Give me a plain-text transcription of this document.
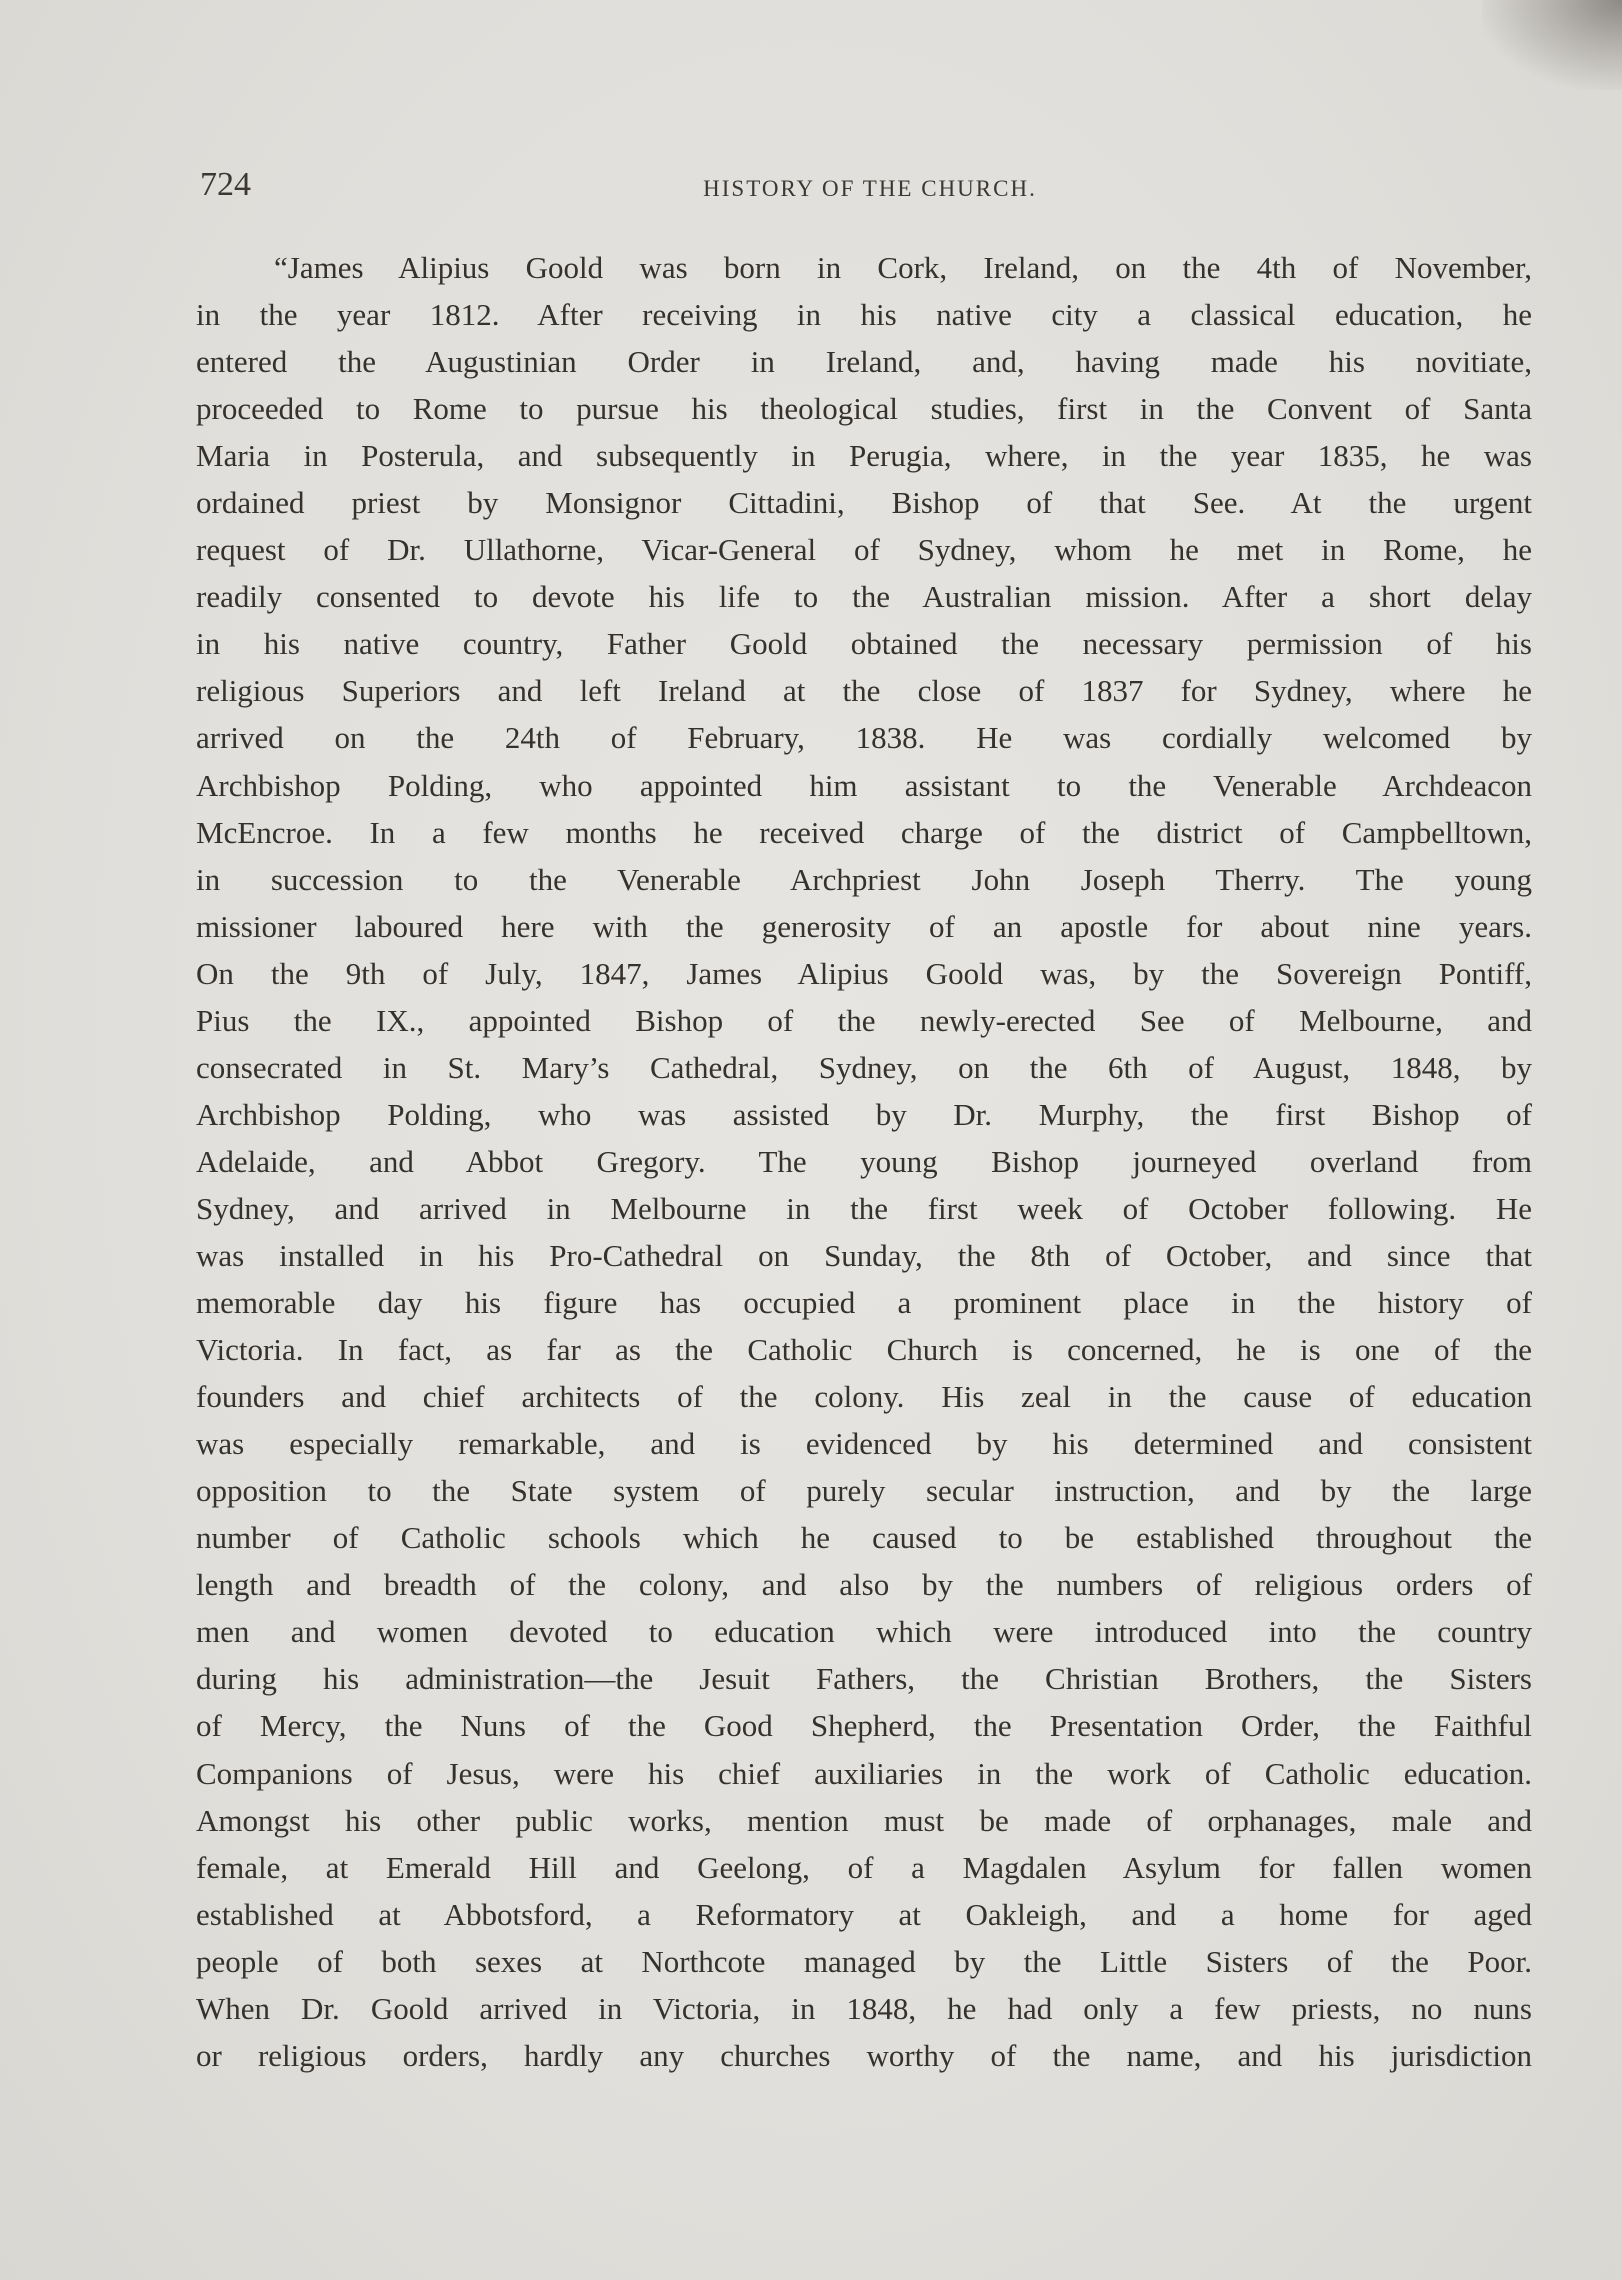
724	HISTORY OF THE CHURCH.
“James Alipius Goold was born in Cork, Ireland, on the 4th of November,
in the year 1812. After receiving in his native city a classical education, he
entered the Augustinian Order in Ireland, and, having made his novitiate,
proceeded to Rome to pursue his theological studies, first in the Convent of Santa
Maria in Posterula, and subsequently in Perugia, where, in the year 1835, he was
ordained priest by Monsignor Cittadini, Bishop of that See. At the urgent
request of Dr. Ullathorne, Vicar-General of Sydney, whom he met in Rome, he
readily consented to devote his life to the Australian mission. After a short delay
in his native country, Father Goold obtained the necessary permission of his
religious Superiors and left Ireland at the close of 1837 for Sydney, where he
arrived on the 24th of February, 1838. He was cordially welcomed by
Archbishop Polding, who appointed him assistant to the Venerable Archdeacon
McEncroe. In a few months he received charge of the district of Campbelltown,
in succession to the Venerable Archpriest John Joseph Therry. The young
missioner laboured here with the generosity of an apostle for about nine years.
On the 9th of July, 1847, James Alipius Goold was, by the Sovereign Pontiff,
Pius the IX., appointed Bishop of the newly-erected See of Melbourne, and
consecrated in St. Mary’s Cathedral, Sydney, on the 6th of August, 1848, by
Archbishop Polding, who was assisted by Dr. Murphy, the first Bishop of
Adelaide, and Abbot Gregory. The young Bishop journeyed overland from
Sydney, and arrived in Melbourne in the first week of October following. He
was installed in his Pro-Cathedral on Sunday, the 8th of October, and since that
memorable day his figure has occupied a prominent place in the history of
Victoria. In fact, as far as the Catholic Church is concerned, he is one of the
founders and chief architects of the colony. His zeal in the cause of education
was especially remarkable, and is evidenced by his determined and consistent
opposition to the State system of purely secular instruction, and by the large
number of Catholic schools which he caused to be established throughout the
length and breadth of the colony, and also by the numbers of religious orders of
men and women devoted to education which were introduced into the country
during his administration—the Jesuit Fathers, the Christian Brothers, the Sisters
of Mercy, the Nuns of the Good Shepherd, the Presentation Order, the Faithful
Companions of Jesus, were his chief auxiliaries in the work of Catholic education.
Amongst his other public works, mention must be made of orphanages, male and
female, at Emerald Hill and Geelong, of a Magdalen Asylum for fallen women
established at Abbotsford, a Reformatory at Oakleigh, and a home for aged
people of both sexes at Northcote managed by the Little Sisters of the Poor.
When Dr. Goold arrived in Victoria, in 1848, he had only a few priests, no nuns
or religious orders, hardly any churches worthy of the name, and his jurisdiction
